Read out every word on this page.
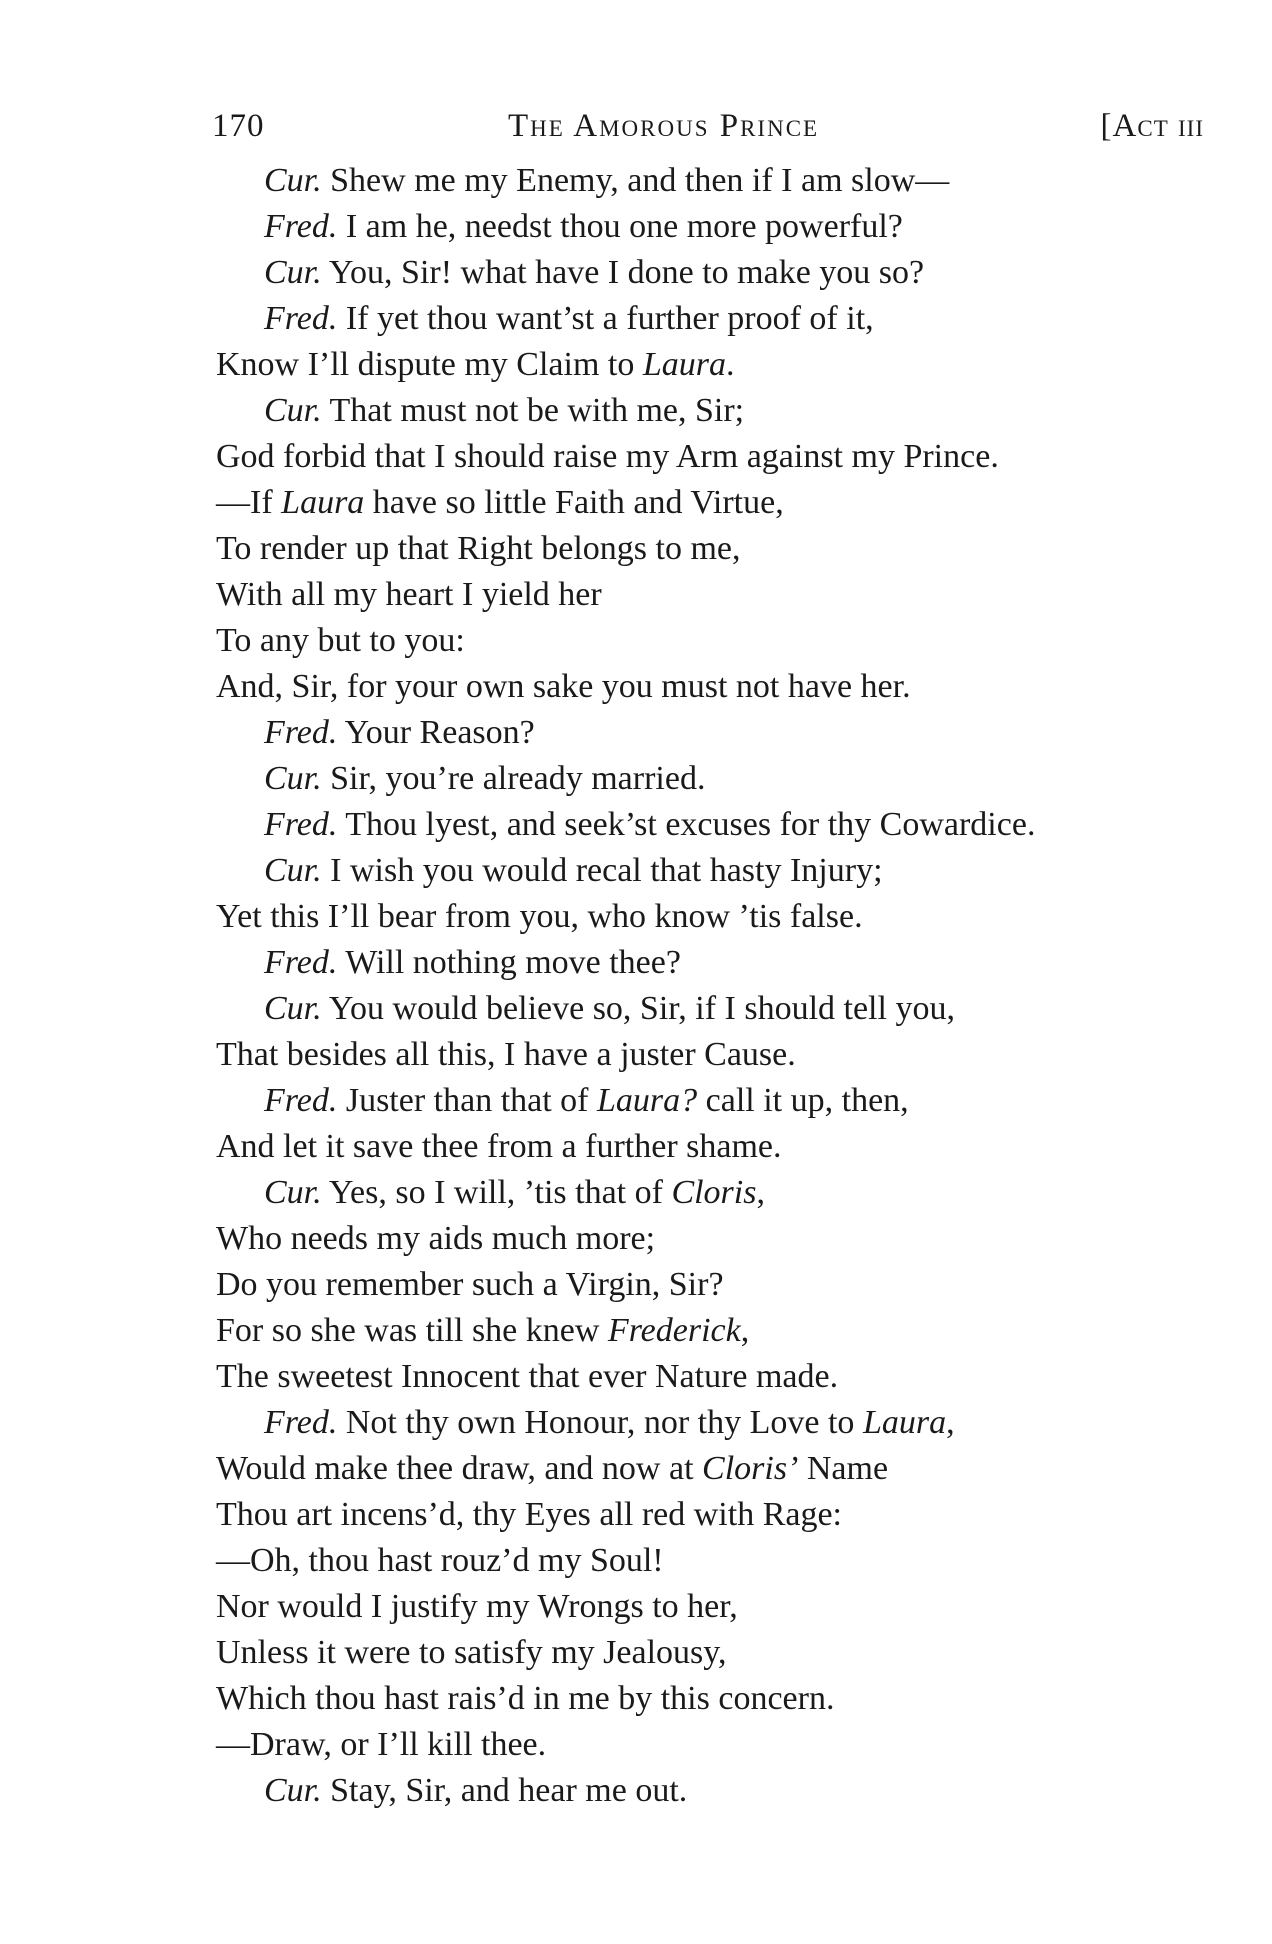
170	The Amorous Prince	[Act iii
Cur. Shew me my Enemy, and then if I am slow—
Fred. I am he, needst thou one more powerful?
Cur. You, Sir! what have I done to make you so?
Fred. If yet thou want’st a further proof of it,
Know I’ll dispute my Claim to Laura.
Cur. That must not be with me, Sir;
God forbid that I should raise my Arm against my Prince.
—If Laura have so little Faith and Virtue,
To render up that Right belongs to me,
With all my heart I yield her
To any but to you:
And, Sir, for your own sake you must not have her.
Fred. Your Reason?
Cur. Sir, you’re already married.
Fred. Thou lyest, and seek’st excuses for thy Cowardice.
Cur. I wish you would recal that hasty Injury;
Yet this I’ll bear from you, who know ’tis false.
Fred. Will nothing move thee?
Cur. You would believe so, Sir, if I should tell you,
That besides all this, I have a juster Cause.
Fred. Juster than that of Laura? call it up, then,
And let it save thee from a further shame.
Cur. Yes, so I will, ’tis that of Cloris,
Who needs my aids much more;
Do you remember such a Virgin, Sir?
For so she was till she knew Frederick,
The sweetest Innocent that ever Nature made.
Fred. Not thy own Honour, nor thy Love to Laura,
Would make thee draw, and now at Cloris’ Name
Thou art incens’d, thy Eyes all red with Rage:
—Oh, thou hast rouz’d my Soul!
Nor would I justify my Wrongs to her,
Unless it were to satisfy my Jealousy,
Which thou hast rais’d in me by this concern.
—Draw, or I’ll kill thee.
Cur. Stay, Sir, and hear me out.
